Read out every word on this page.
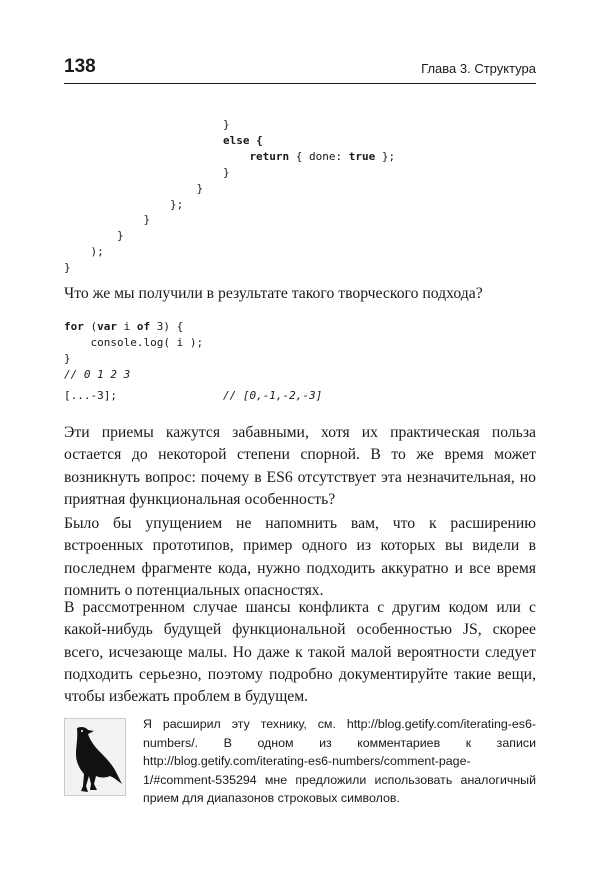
138	Глава 3. Структура
}
else {
return { done: true };
}
}
};
}
}
);
}

Что же мы получили в результате такого творческого подхода?

for (var i of 3) {
console.log( i );
}
// 0 1 2 3
[...-3];	// [0,-1,-2,-3]

Эти приемы кажутся забавными, хотя их практическая польза остается до некоторой степени спорной. В то же время может возникнуть вопрос: почему в ES6 отсутствует эта незначительная, но приятная функциональная особенность?

Было бы упущением не напомнить вам, что к расширению встроенных прототипов, пример одного из которых вы видели в последнем фрагменте кода, нужно подходить аккуратно и все время помнить о потенциальных опасностях.

В рассмотренном случае шансы конфликта с другим кодом или с какой-нибудь будущей функциональной особенностью JS, скорее всего, исчезающе малы. Но даже к такой малой вероятности следует подходить серьезно, поэтому подробно документируйте такие вещи, чтобы избежать проблем в будущем.

Я расширил эту технику, см. http://blog.getify.com/iterating-es6-numbers/. В одном из комментариев к записи http://blog.getify.com/iterating-es6-numbers/comment-page-1/#comment-535294 мне предложили использовать аналогичный прием для диапазонов строковых символов.
